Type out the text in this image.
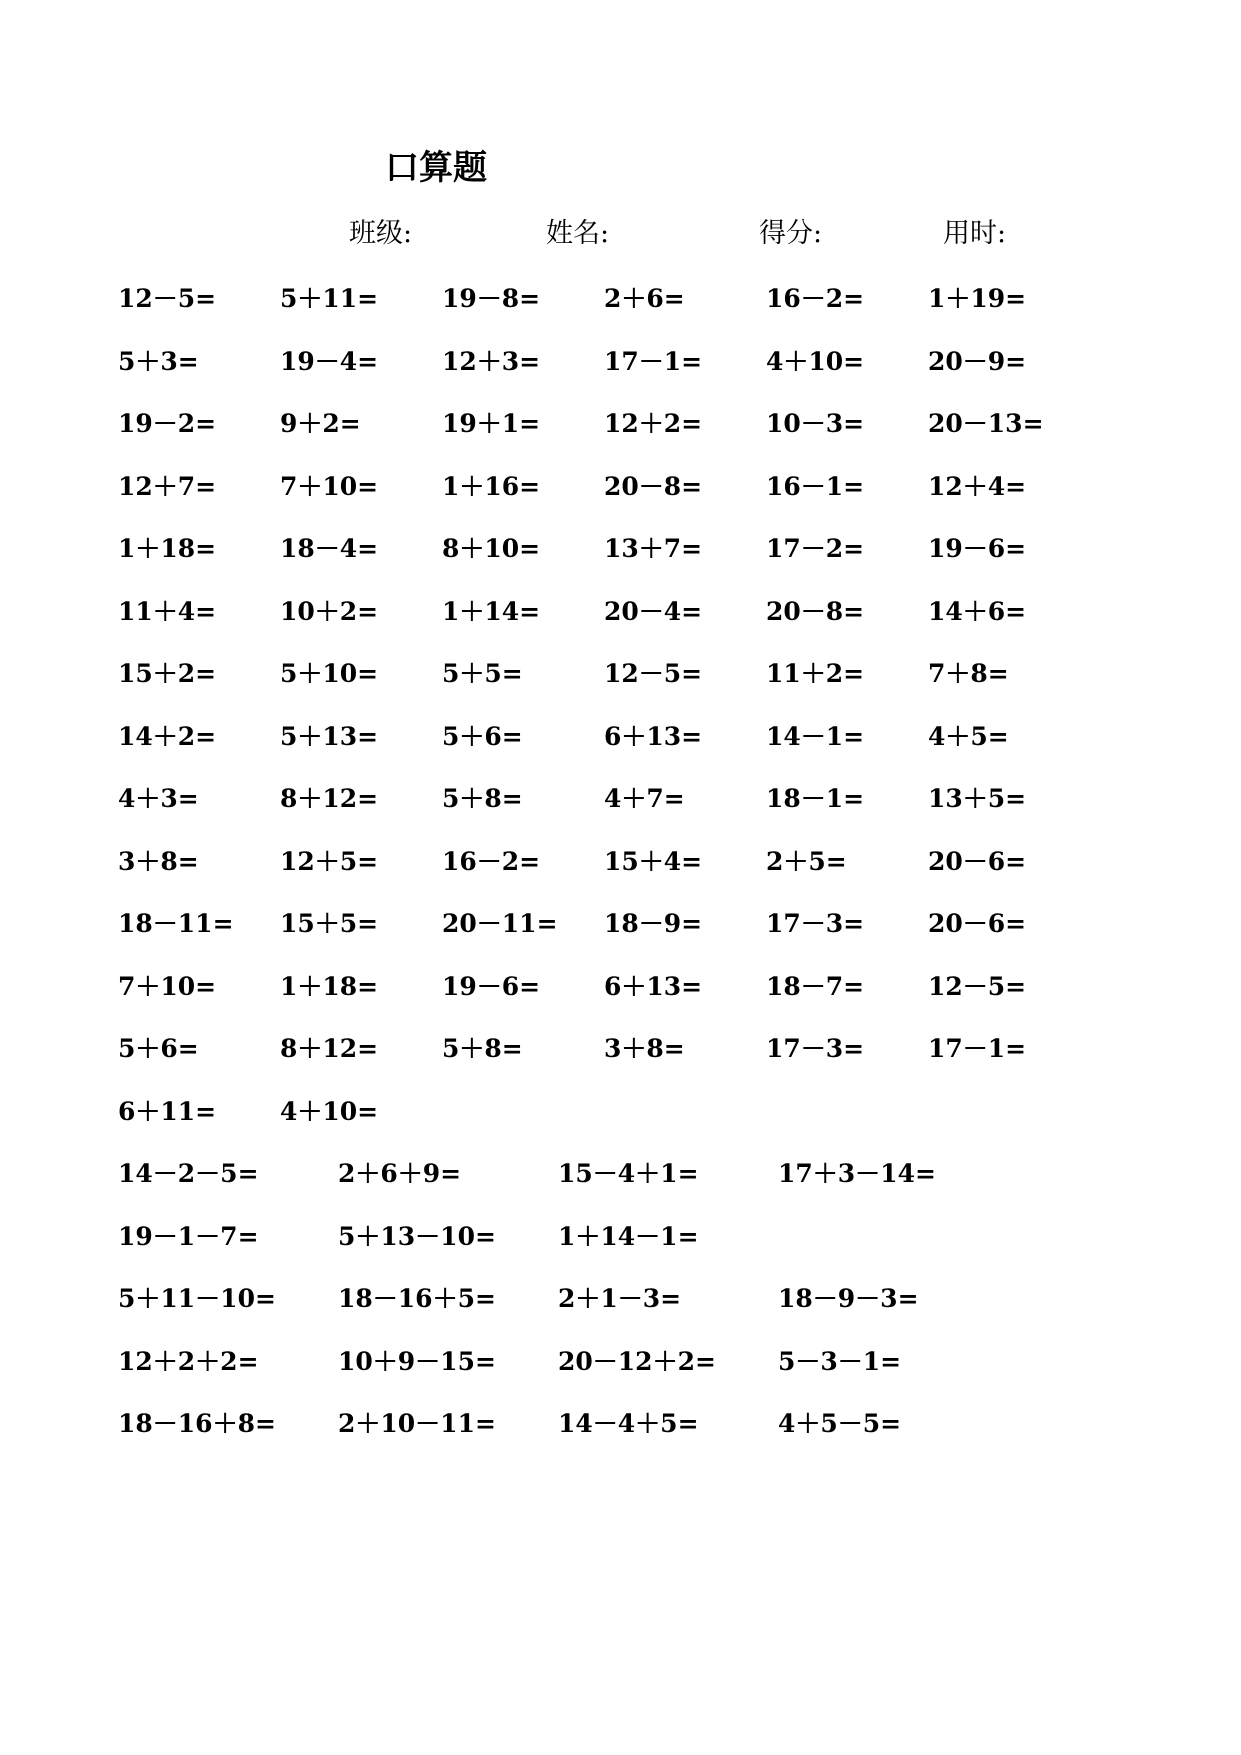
口算题
班级:	姓名:	得分:	用时:
12－5=	5＋11=	19－8=	2＋6=	16－2=	1＋19=
5＋3=	19－4=	12＋3=	17－1=	4＋10=	20－9=
19－2=	9＋2=	19＋1=	12＋2=	10－3=	20－13=
12＋7=	7＋10=	1＋16=	20－8=	16－1=	12＋4=
1＋18=	18－4=	8＋10=	13＋7=	17－2=	19－6=
11＋4=	10＋2=	1＋14=	20－4=	20－8=	14＋6=
15＋2=	5＋10=	5＋5=	12－5=	11＋2=	7＋8=
14＋2=	5＋13=	5＋6=	6＋13=	14－1=	4＋5=
4＋3=	8＋12=	5＋8=	4＋7=	18－1=	13＋5=
3＋8=	12＋5=	16－2=	15＋4=	2＋5=	20－6=
18－11=	15＋5=	20－11=	18－9=	17－3=	20－6=
7＋10=	1＋18=	19－6=	6＋13=	18－7=	12－5=
5＋6=	8＋12=	5＋8=	3＋8=	17－3=	17－1=
6＋11=	4＋10=
14－2－5=	2＋6＋9=	15－4＋1=	17＋3－14=
19－1－7=	5＋13－10=	1＋14－1=
5＋11－10=	18－16＋5=	2＋1－3=	18－9－3=
12＋2＋2=	10＋9－15=	20－12＋2=	5－3－1=
18－16＋8=	2＋10－11=	14－4＋5=	4＋5－5=
